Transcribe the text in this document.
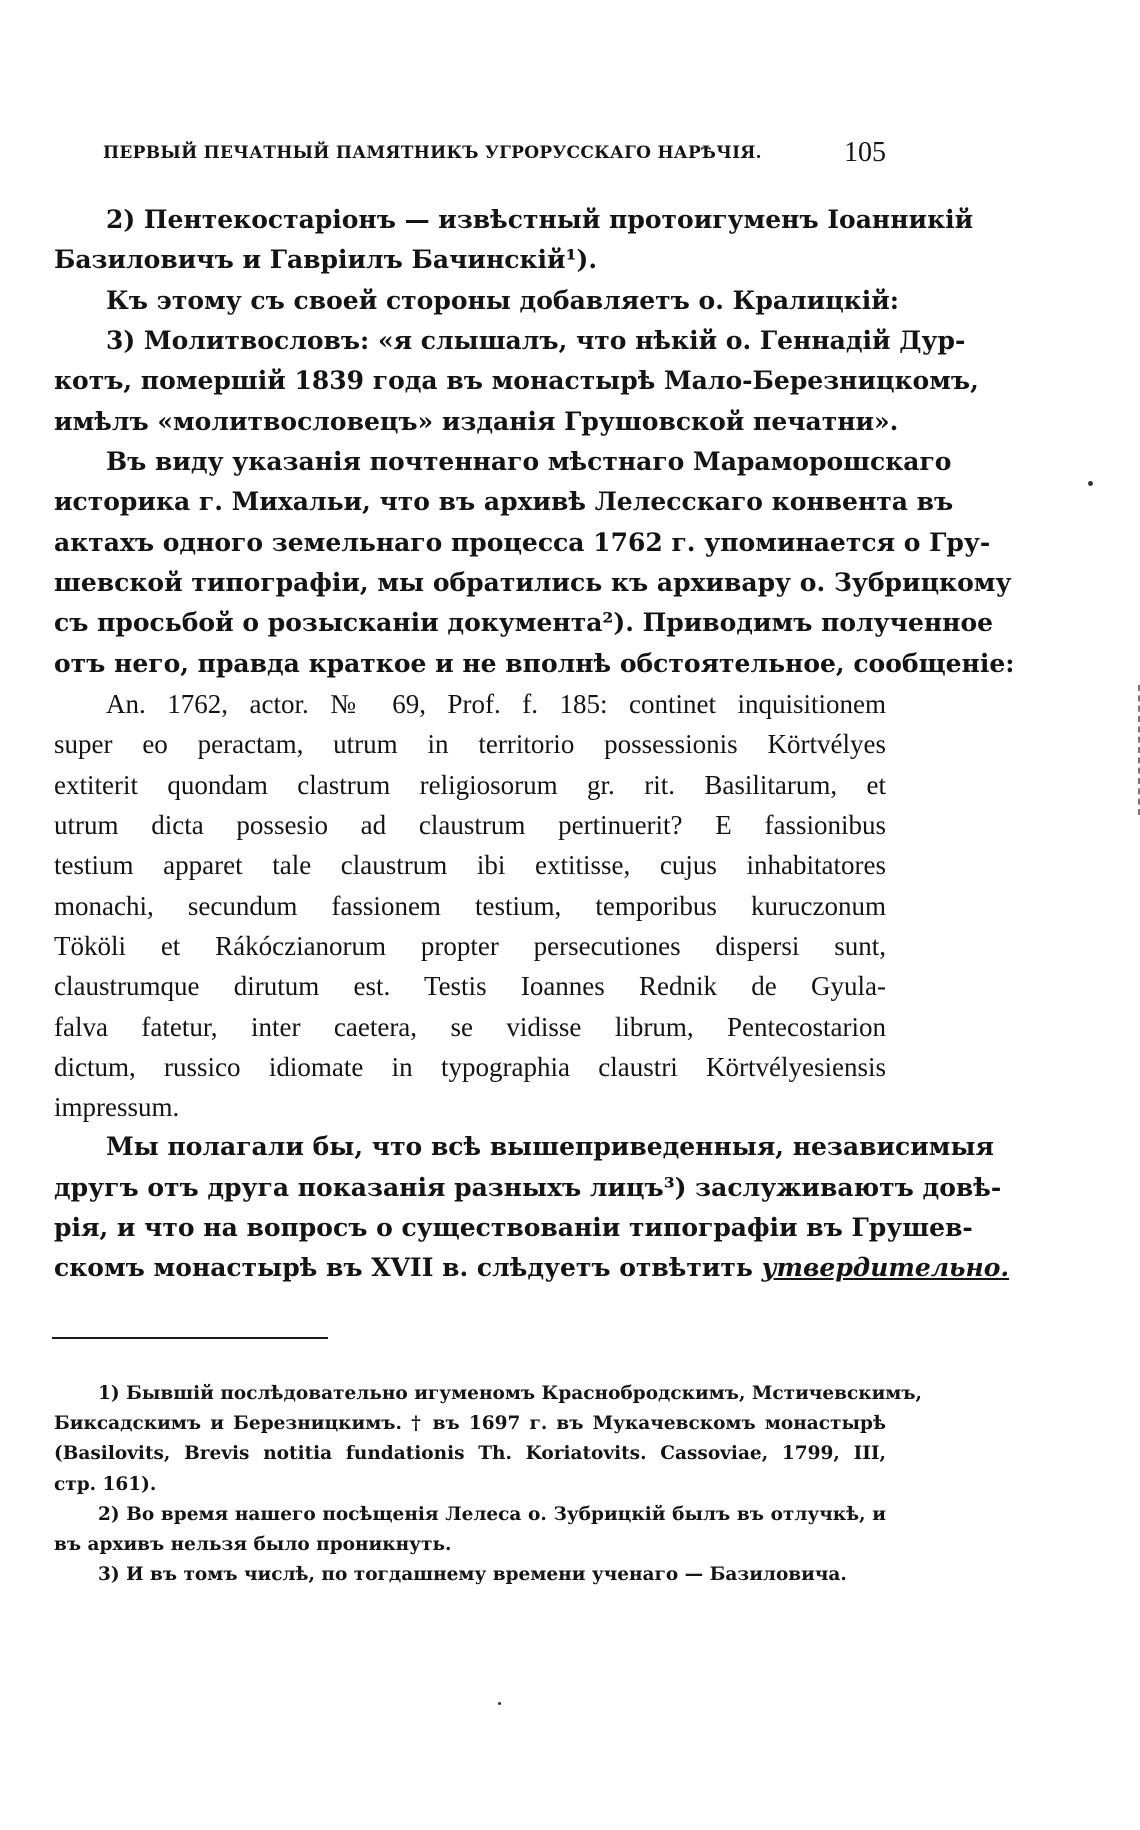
ПЕРВЫЙ ПЕЧАТНЫЙ ПАМЯТНИКЪ УГРОРУССКАГО НАРѢЧІЯ.	105
2) Пентекостаріонъ — извѣстный протоигуменъ Іоанникій
Базиловичъ и Гавріилъ Бачинскій¹).
Къ этому съ своей стороны добавляетъ о. Кралицкій:
3) Молитвословъ: «я слышалъ, что нѣкій о. Геннадій Дур-
котъ, помершій 1839 года въ монастырѣ Мало-Березницкомъ,
имѣлъ «молитвословецъ» изданія Грушовской печатни».
Въ виду указанія почтеннаго мѣстнаго Мараморошскаго
историка г. Михальи, что въ архивѣ Лелесскаго конвента въ
актахъ одного земельнаго процесса 1762 г. упоминается о Гру-
шевской типографіи, мы обратились къ архивару о. Зубрицкому
съ просьбой о розысканіи документа²). Приводимъ полученное
отъ него, правда краткое и не вполнѣ обстоятельное, сообщеніе:
An. 1762, actor. № 69, Prof. f. 185: continet inquisitionem
super eo peractam, utrum in territorio possessionis Körtvélyes
extiterit quondam clastrum religiosorum gr. rit. Basilitarum, et
utrum dicta possesio ad claustrum pertinuerit? E fassionibus
testium apparet tale claustrum ibi extitisse, cujus inhabitatores
monachi, secundum fassionem testium, temporibus kuruczonum
Tököli et Rákóczianorum propter persecutiones dispersi sunt,
claustrumque dirutum est. Testis Ioannes Rednik de Gyula-
falva fatetur, inter caetera, se vidisse librum, Pentecostarion
dictum, russico idiomate in typographia claustri Körtvélyesiensis
impressum.
Мы полагали бы, что всѣ вышеприведенныя, независимыя
другъ отъ друга показанія разныхъ лицъ³) заслуживаютъ довѣ-
рія, и что на вопросъ о существованіи типографіи въ Грушев-
скомъ монастырѣ въ XVII в. слѣдуетъ отвѣтить утвердительно.
1) Бывшій послѣдовательно игуменомъ Краснобродскимъ, Мстичевскимъ,
Биксадскимъ и Березницкимъ. † въ 1697 г. въ Мукачевскомъ монастырѣ
(Basilovits, Brevis notitia fundationis Th. Koriatovits. Cassoviae, 1799, III,
стр. 161).
2) Во время нашего посѣщенія Лелеса о. Зубрицкій былъ въ отлучкѣ, и
въ архивъ нельзя было проникнуть.
3) И въ томъ числѣ, по тогдашнему времени ученаго — Базиловича.
